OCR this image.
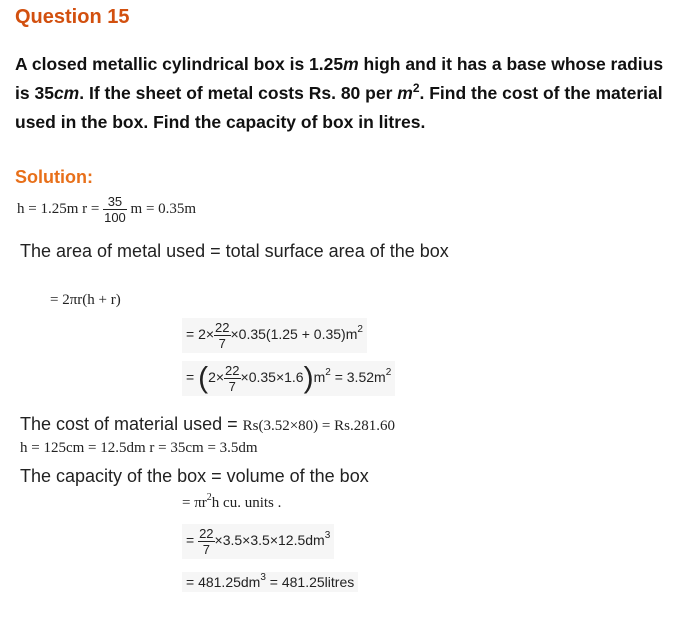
Question 15
A closed metallic cylindrical box is 1.25m high and it has a base whose radius is 35cm. If the sheet of metal costs Rs. 80 per $m^2$. Find the cost of the material used in the box. Find the capacity of box in litres.
Solution:
h = 1.25m $r = \frac{35}{100}$ m = 0.35m
The area of metal used = total surface area of the box
= 2πr(h + r)
= $2\times \frac{22}{7} \times 0.35(1.25 + 0.35)m^2$
= $(2\times \frac{22}{7} \times 0.35\times 1.6)m^2 = 3.52m^2$
The cost of material used = Rs(3.52×80) = Rs.281.60
h = 125cm = 12.5dm r = 35cm = 3.5dm
The capacity of the box = volume of the box
= $\pi r^2h$ cu. units .
= $\frac{22}{7} \times 3.5\times 3.5\times 12.5dm^3$
= $481.25dm^3$ = 481.25litres
